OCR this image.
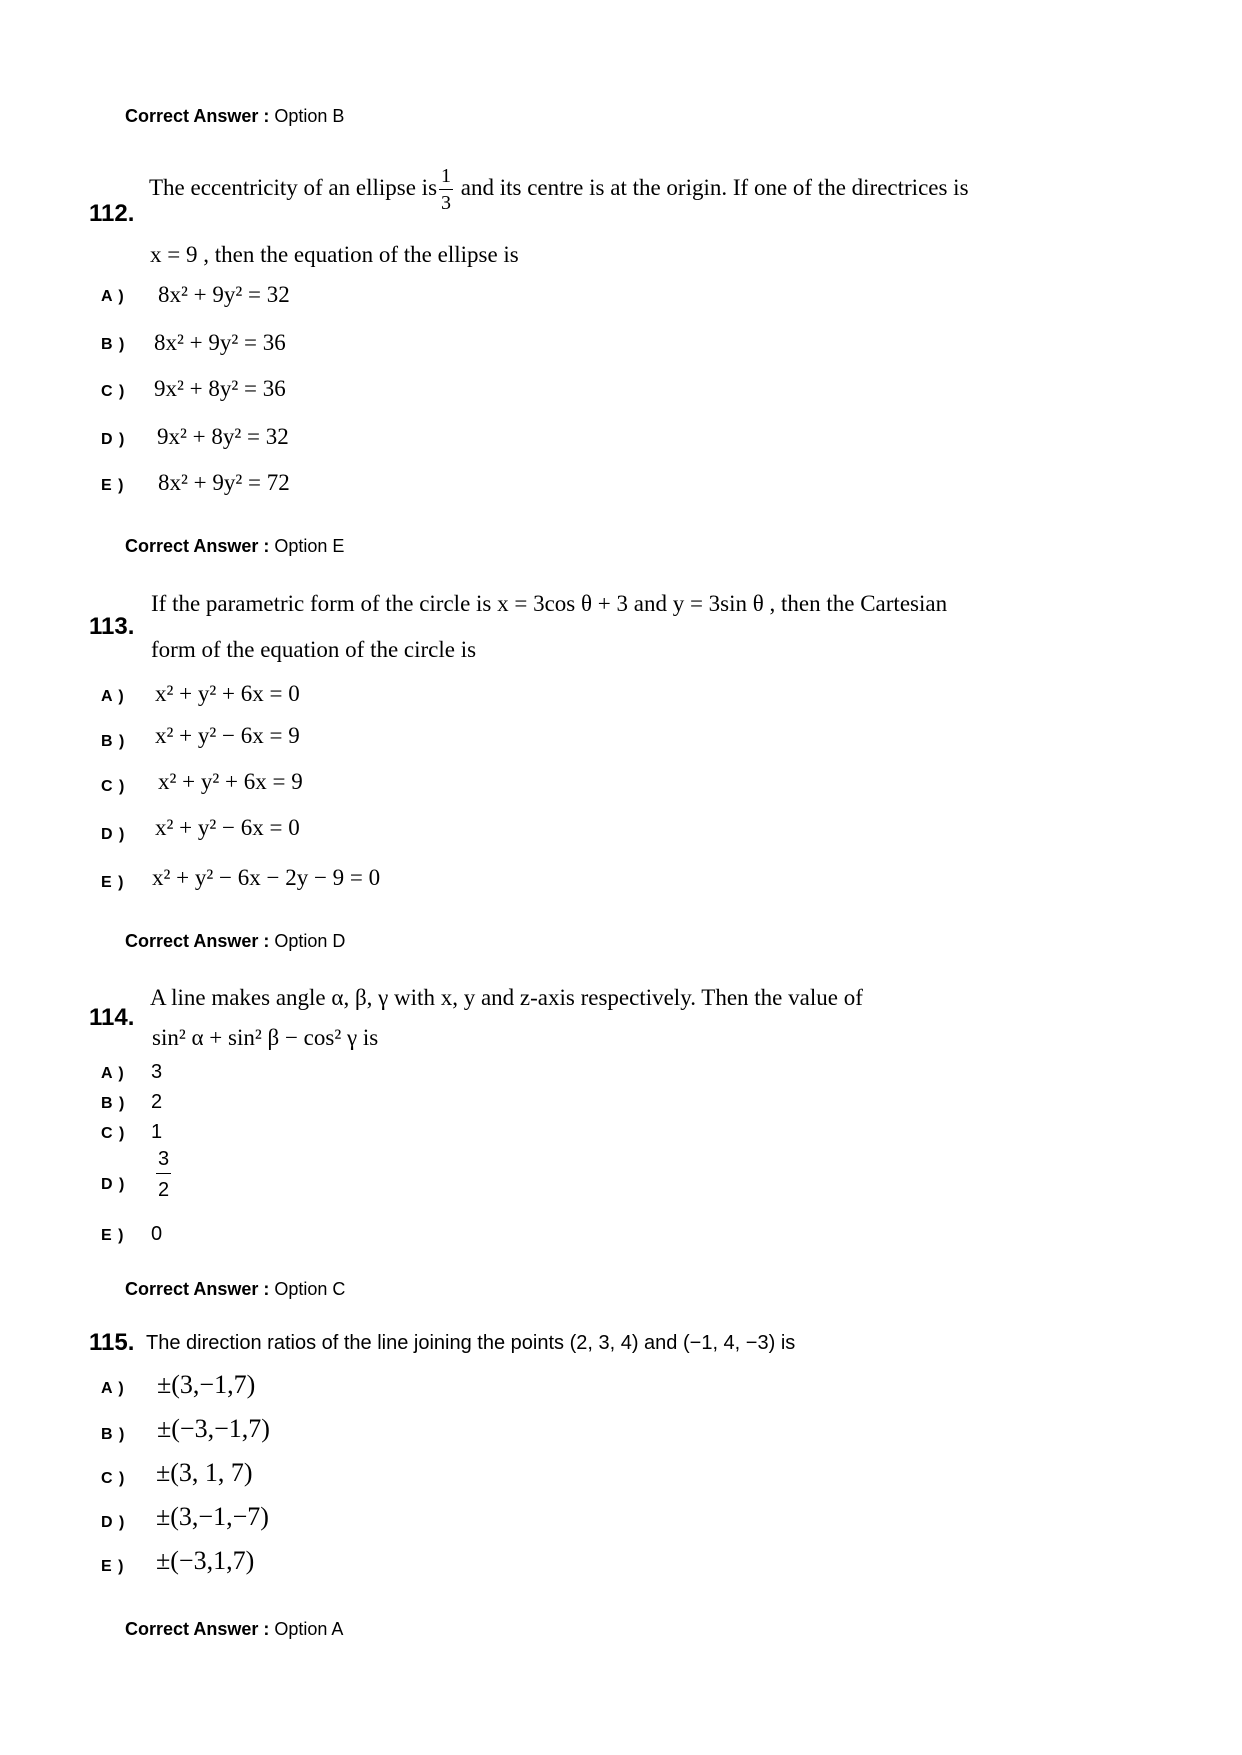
Correct Answer : Option B
112.
The eccentricity of an ellipse is $\frac{1}{3}$ and its centre is at the origin. If one of the directrices is
x = 9 , then the equation of the ellipse is
A ) 8x² + 9y² = 32
B ) 8x² + 9y² = 36
C ) 9x² + 8y² = 36
D ) 9x² + 8y² = 32
E ) 8x² + 9y² = 72
Correct Answer : Option E
113.
If the parametric form of the circle is x = 3cos θ + 3 and y = 3sin θ , then the Cartesian
form of the equation of the circle is
A ) x² + y² + 6x = 0
B ) x² + y² − 6x = 9
C ) x² + y² + 6x = 9
D ) x² + y² − 6x = 0
E ) x² + y² − 6x − 2y − 9 = 0
Correct Answer : Option D
114.
A line makes angle α, β, γ with x, y and z-axis respectively. Then the value of
sin² α + sin² β − cos² γ is
A ) 3
B ) 2
C ) 1
D ) $\frac{3}{2}$
E ) 0
Correct Answer : Option C
115. The direction ratios of the line joining the points (2, 3, 4) and (−1, 4, −3) is
A ) ±(3,−1,7)
B ) ±(−3,−1,7)
C ) ±(3, 1, 7)
D ) ±(3,−1,−7)
E ) ±(−3,1,7)
Correct Answer : Option A
